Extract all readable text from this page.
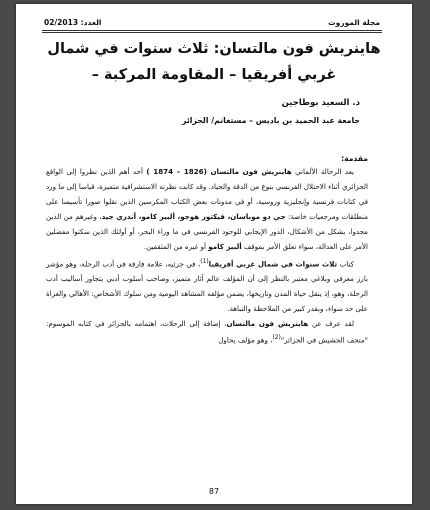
مجلة الموروث
العدد: 02/2013
هاينريش فون مالتسان: ثلاث سنوات في شمال
غربي أفريقيا – المقاومة المركبة –
د. السعيد بوطاجين
جامعة عبد الحميد بن باديس – مستغانم/ الجزائر
مقدمة:

يعد الرحالة الألماني هاينريش فون مالتسان (1826 – 1874 ) أحد أهم الذين نظروا إلى الواقع الجزائري أثناء الاحتلال الفرنسي بنوع من الدقة والحياد. وقد كانت نظرته الاستشرافية متميزة، قياسا إلى ما ورد في كتابات فرنسية وإنجليزية وروسية، أو في مدونات بعض الكتاب المكرسين الذين نقلوا صورا تأسيسا على منطلقات ومرجعيات خاصة: جي دو موباسان، فيكتور هوجو، ألبير كامو، أندري جيد، وغيرهم من الذين مجدوا، بشكل من الأشكال، الدور الإيجابي للوجود الفرنسي في ما وراء البحر، أو أولئك الذين سكتوا مفضلين الأمر على العدالة، سواء تعلق الأمر بموقف ألبير كامو أو غيره من المثقفين.

كتاب ثلاث سنوات في شمال غربي أفريقيا$^{(1)}$، في جزئيه، علامة فارقة في أدب الرحلة، وهو مؤشر بارز معرفي وبلاغي معتبر بالنظر إلى أن المؤلف عالم آثار متميز، وصاحب أسلوب أدبي يتجاوز أساليب أدب الرحلة، وهو، إذ ينقل حياة المدن وتاريخها، يضمن مؤلفه المشاهد اليومية ومن سلوك الأشخاص: الأهالي والغزاة على حد سواء، وبقدر كبير من الملاحظة والنباهة.

لقد عرف عن هاينريش فون مالتسان، إضافة إلى الرحلات، اهتمامه بالجزائر في كتابه الموسوم: "متحف الحشيش في الجزائر"$^{(2)}$، وهو مؤلف يحاول

87
